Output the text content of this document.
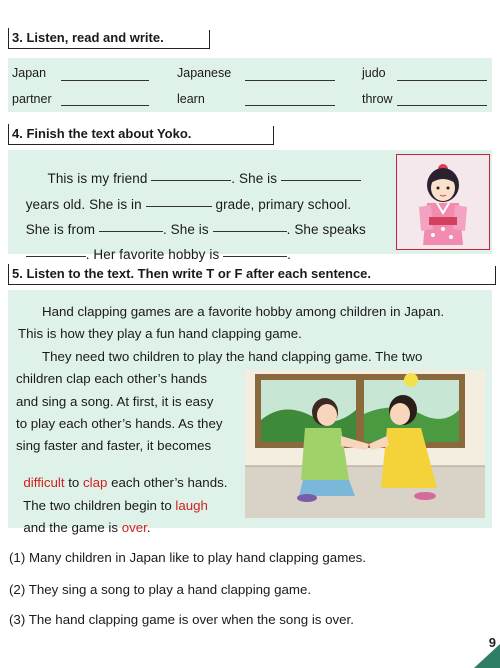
3. Listen, read and write.
Japan	Japanese	judo
partner	learn	throw
4. Finish the text about Yoko.

This is my friend	. She is

years old. She is in	grade, primary school.

She is from	. She is	. She speaks

. Her favorite hobby is	.

5. Listen to the text. Then write T or F after each sentence.
Hand clapping games are a favorite hobby among children in Japan.
This is how they play a fun hand clapping game.
They need two children to play the hand clapping game. The two
children clap each other’s hands
and sing a song. At first, it is easy
to play each other’s hands. As they
sing faster and faster, it becomes

difficult to clap each other’s hands.

The two children begin to laugh

and the game is over.

(1) Many children in Japan like to play hand clapping games.
(2) They sing a song to play a hand clapping game.
(3) The hand clapping game is over when the song is over.
9
